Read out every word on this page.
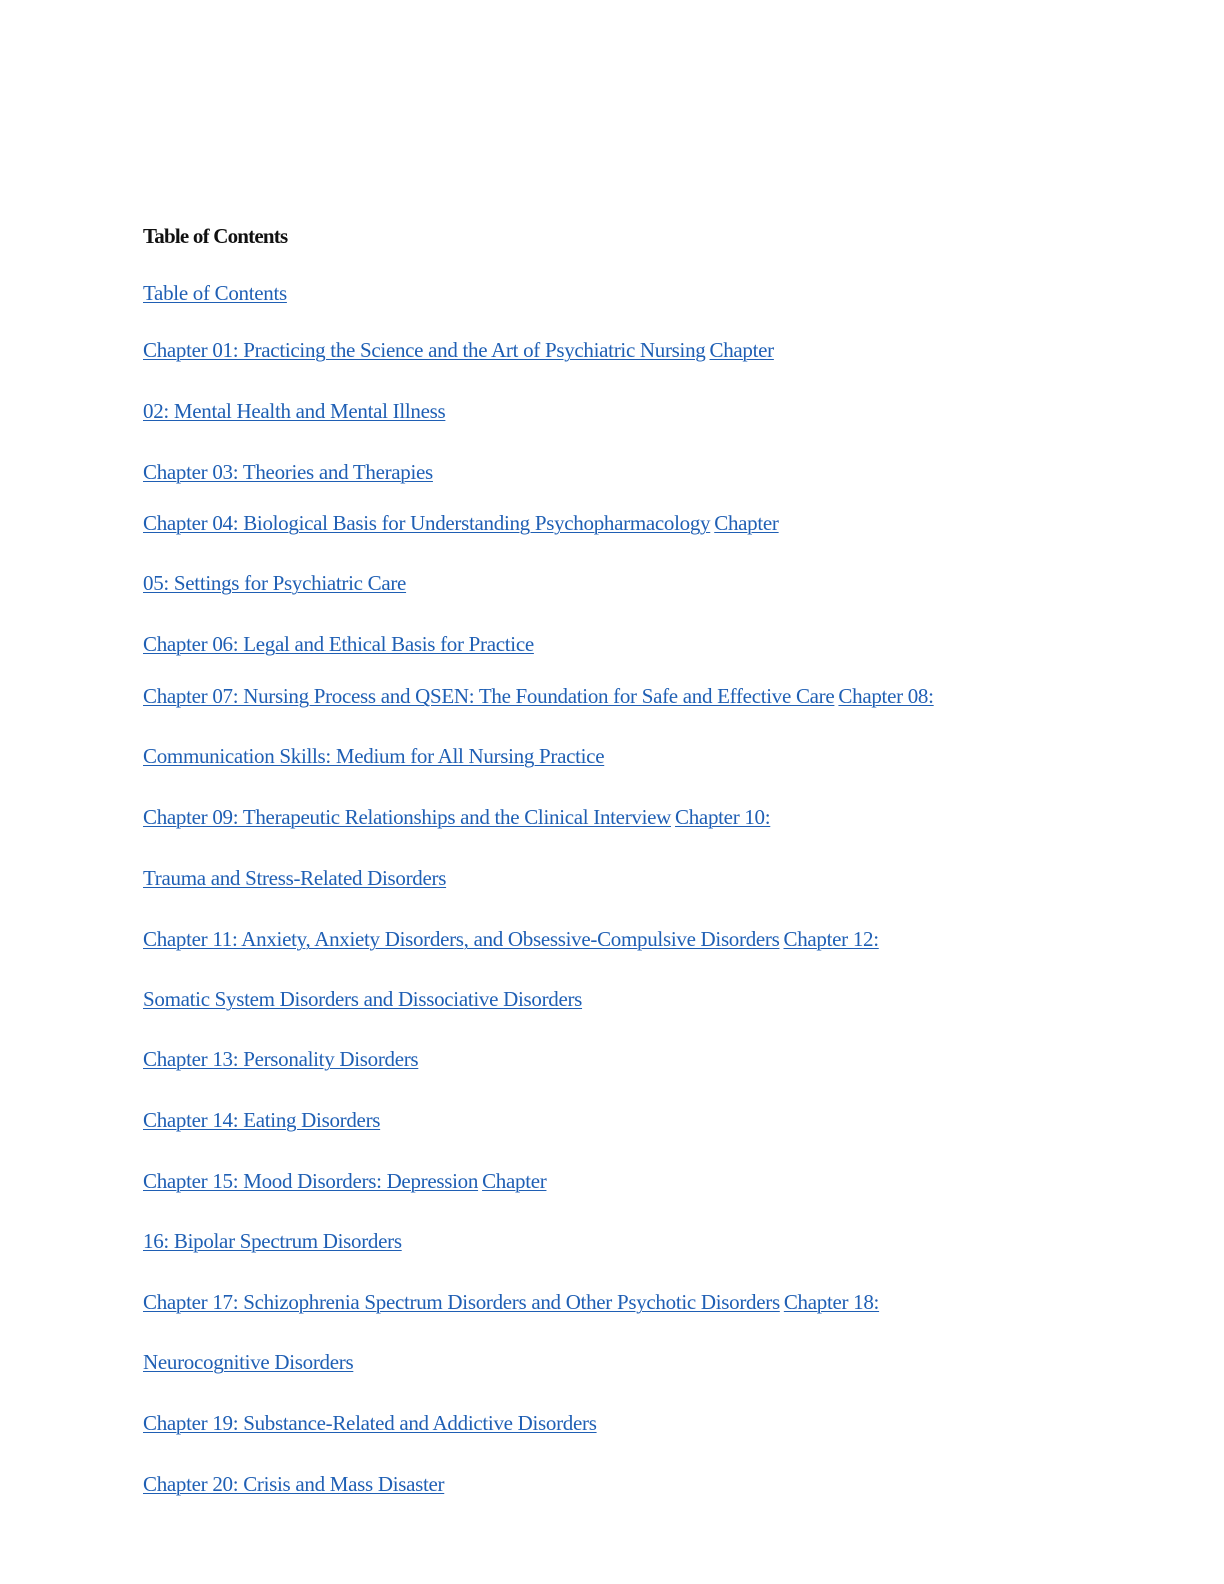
Table of Contents
Table of Contents
Chapter 01: Practicing the Science and the Art of Psychiatric Nursing Chapter
02: Mental Health and Mental Illness
Chapter 03: Theories and Therapies
Chapter 04: Biological Basis for Understanding Psychopharmacology Chapter
05: Settings for Psychiatric Care
Chapter 06: Legal and Ethical Basis for Practice
Chapter 07: Nursing Process and QSEN: The Foundation for Safe and Effective Care Chapter 08:
Communication Skills: Medium for All Nursing Practice
Chapter 09: Therapeutic Relationships and the Clinical Interview Chapter 10:
Trauma and Stress-Related Disorders
Chapter 11: Anxiety, Anxiety Disorders, and Obsessive-Compulsive Disorders Chapter 12:
Somatic System Disorders and Dissociative Disorders
Chapter 13: Personality Disorders
Chapter 14: Eating Disorders
Chapter 15: Mood Disorders: Depression Chapter
16: Bipolar Spectrum Disorders
Chapter 17: Schizophrenia Spectrum Disorders and Other Psychotic Disorders Chapter 18:
Neurocognitive Disorders
Chapter 19: Substance-Related and Addictive Disorders
Chapter 20: Crisis and Mass Disaster
